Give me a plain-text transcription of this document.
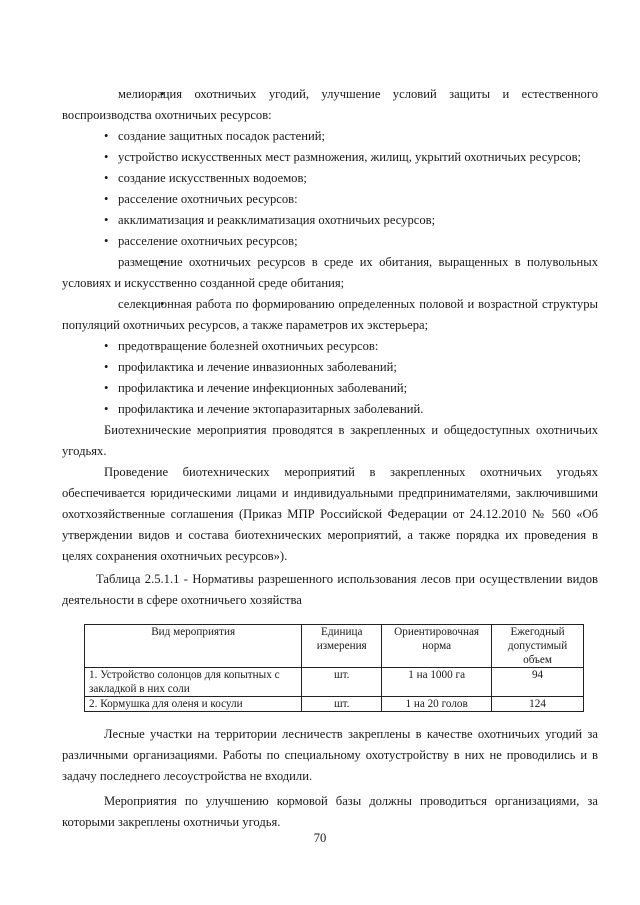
• мелиорация охотничьих угодий, улучшение условий защиты и естественного воспроизводства охотничьих ресурсов:

• создание защитных посадок растений;

• устройство искусственных мест размножения, жилищ, укрытий охотничьих ресурсов;

• создание искусственных водоемов;

• расселение охотничьих ресурсов:

• акклиматизация и реакклиматизация охотничьих ресурсов;

• расселение охотничьих ресурсов;

• размещение охотничьих ресурсов в среде их обитания, выращенных в полувольных условиях и искусственно созданной среде обитания;

• селекционная работа по формированию определенных половой и возрастной структуры популяций охотничьих ресурсов, а также параметров их экстерьера;

• предотвращение болезней охотничьих ресурсов:

• профилактика и лечение инвазионных заболеваний;

• профилактика и лечение инфекционных заболеваний;

• профилактика и лечение эктопаразитарных заболеваний.

Биотехнические мероприятия проводятся в закрепленных и общедоступных охотничьих угодьях.

Проведение биотехнических мероприятий в закрепленных охотничьих угодьях обеспечивается юридическими лицами и индивидуальными предпринимателями, заключившими охотхозяйственные соглашения (Приказ МПР Российской Федерации от 24.12.2010 № 560 «Об утверждении видов и состава биотехнических мероприятий, а также порядка их проведения в целях сохранения охотничьих ресурсов»).

Таблица 2.5.1.1 - Нормативы разрешенного использования лесов при осуществлении видов деятельности в сфере охотничьего хозяйства

Вид мероприятия	Единица измерения	Ориентировочная норма	Ежегодный допустимый объем
1. Устройство солонцов для копытных с закладкой в них соли	шт.	1 на 1000 га	94
2. Кормушка для оленя и косули	шт.	1 на 20 голов	124

Лесные участки на территории лесничеств закреплены в качестве охотничьих угодий за различными организациями. Работы по специальному охотустройству в них не проводились и в задачу последнего лесоустройства не входили.

Мероприятия по улучшению кормовой базы должны проводиться организациями, за которыми закреплены охотничьи угодья.

70
